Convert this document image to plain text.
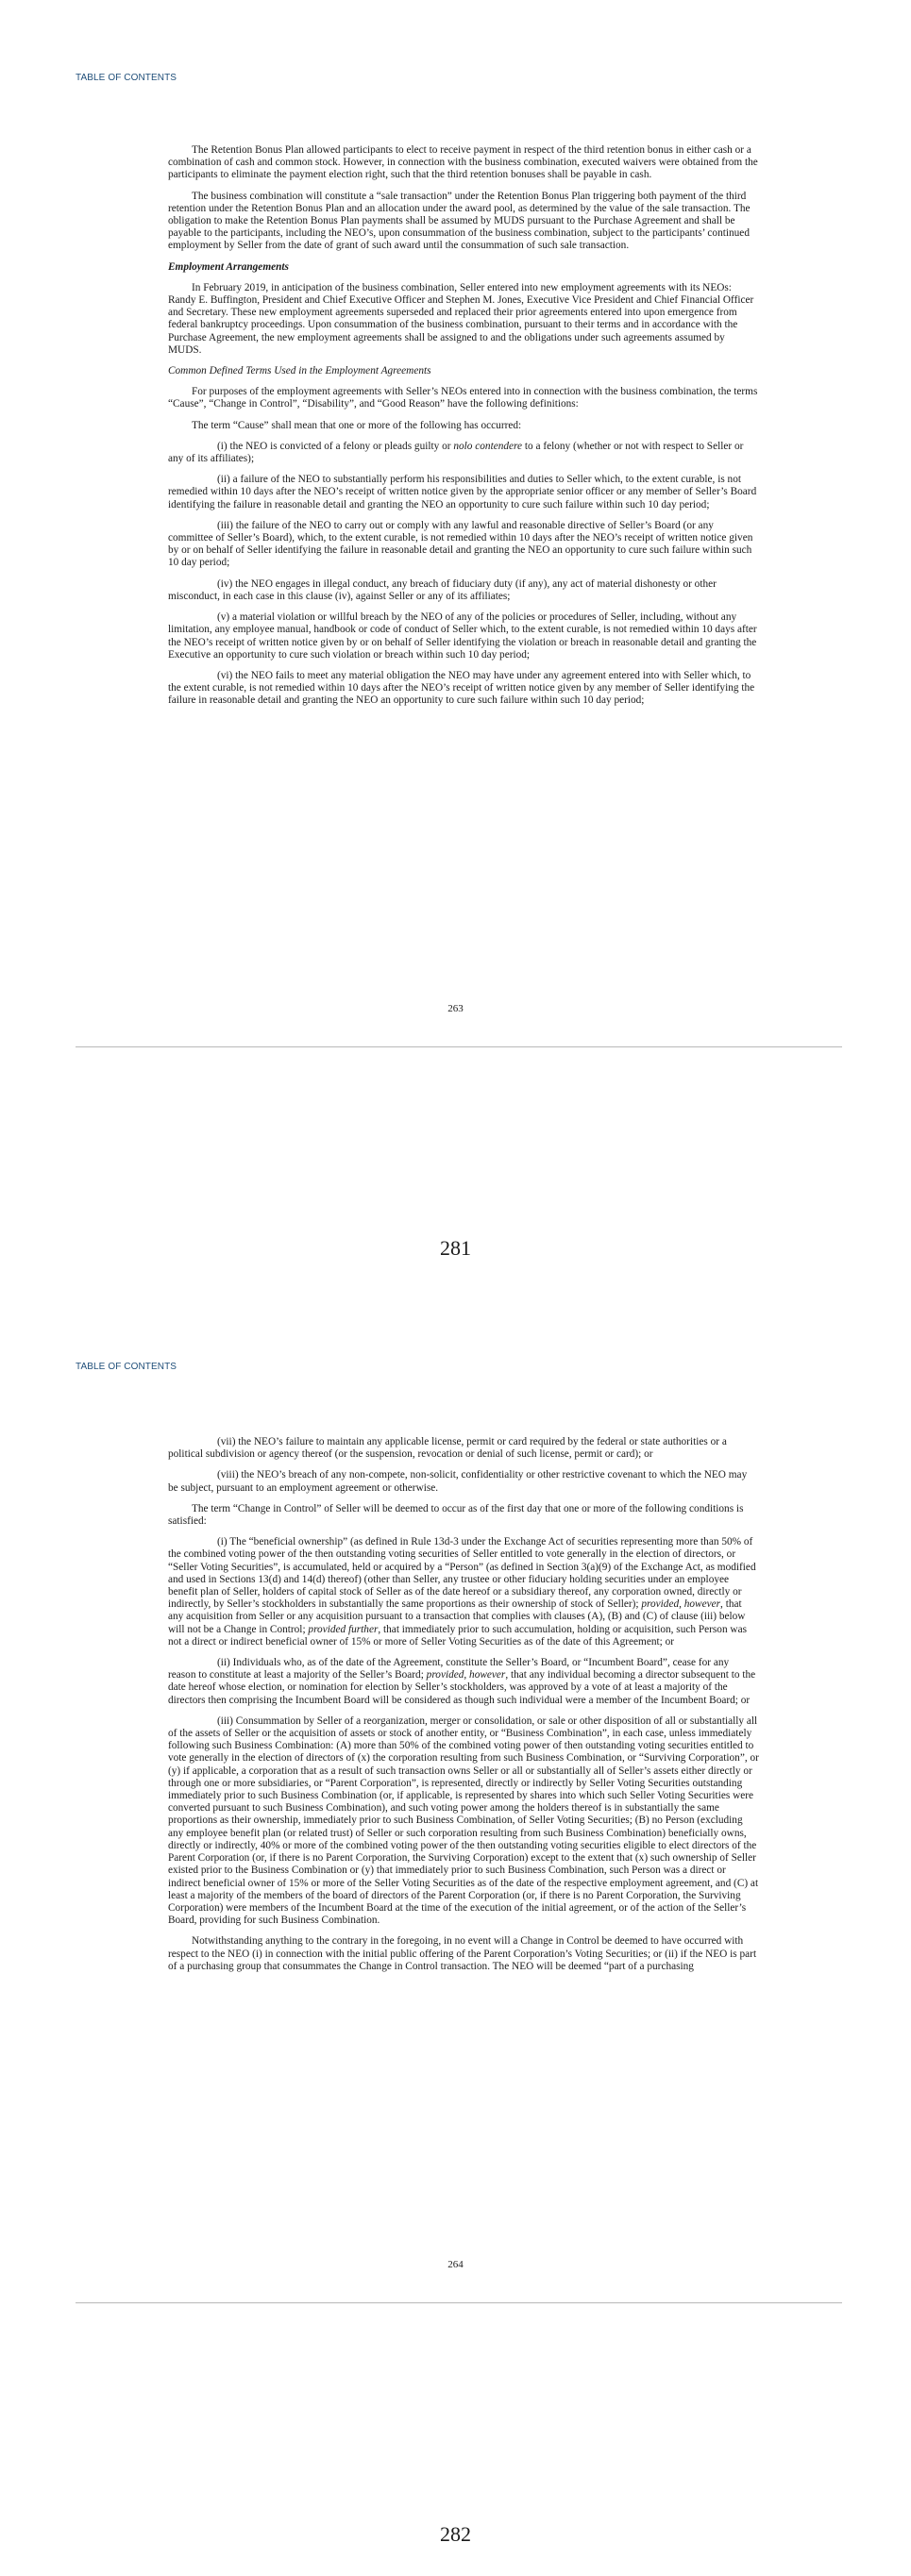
TABLE OF CONTENTS

The Retention Bonus Plan allowed participants to elect to receive payment in respect of the third retention bonus in either cash or a combination of cash and common stock. However, in connection with the business combination, executed waivers were obtained from the participants to eliminate the payment election right, such that the third retention bonuses shall be payable in cash.

The business combination will constitute a “sale transaction” under the Retention Bonus Plan triggering both payment of the third retention under the Retention Bonus Plan and an allocation under the award pool, as determined by the value of the sale transaction. The obligation to make the Retention Bonus Plan payments shall be assumed by MUDS pursuant to the Purchase Agreement and shall be payable to the participants, including the NEO’s, upon consummation of the business combination, subject to the participants’ continued employment by Seller from the date of grant of such award until the consummation of such sale transaction.

Employment Arrangements

In February 2019, in anticipation of the business combination, Seller entered into new employment agreements with its NEOs: Randy E. Buffington, President and Chief Executive Officer and Stephen M. Jones, Executive Vice President and Chief Financial Officer and Secretary. These new employment agreements superseded and replaced their prior agreements entered into upon emergence from federal bankruptcy proceedings. Upon consummation of the business combination, pursuant to their terms and in accordance with the Purchase Agreement, the new employment agreements shall be assigned to and the obligations under such agreements assumed by MUDS.

Common Defined Terms Used in the Employment Agreements

For purposes of the employment agreements with Seller’s NEOs entered into in connection with the business combination, the terms “Cause”, “Change in Control”, “Disability”, and “Good Reason” have the following definitions:

The term “Cause” shall mean that one or more of the following has occurred:

(i) the NEO is convicted of a felony or pleads guilty or nolo contendere to a felony (whether or not with respect to Seller or any of its affiliates);

(ii) a failure of the NEO to substantially perform his responsibilities and duties to Seller which, to the extent curable, is not remedied within 10 days after the NEO’s receipt of written notice given by the appropriate senior officer or any member of Seller’s Board identifying the failure in reasonable detail and granting the NEO an opportunity to cure such failure within such 10 day period;

(iii) the failure of the NEO to carry out or comply with any lawful and reasonable directive of Seller’s Board (or any committee of Seller’s Board), which, to the extent curable, is not remedied within 10 days after the NEO’s receipt of written notice given by or on behalf of Seller identifying the failure in reasonable detail and granting the NEO an opportunity to cure such failure within such 10 day period;

(iv) the NEO engages in illegal conduct, any breach of fiduciary duty (if any), any act of material dishonesty or other misconduct, in each case in this clause (iv), against Seller or any of its affiliates;

(v) a material violation or willful breach by the NEO of any of the policies or procedures of Seller, including, without any limitation, any employee manual, handbook or code of conduct of Seller which, to the extent curable, is not remedied within 10 days after the NEO’s receipt of written notice given by or on behalf of Seller identifying the violation or breach in reasonable detail and granting the Executive an opportunity to cure such violation or breach within such 10 day period;

(vi) the NEO fails to meet any material obligation the NEO may have under any agreement entered into with Seller which, to the extent curable, is not remedied within 10 days after the NEO’s receipt of written notice given by any member of Seller identifying the failure in reasonable detail and granting the NEO an opportunity to cure such failure within such 10 day period;

263
281
TABLE OF CONTENTS

(vii) the NEO’s failure to maintain any applicable license, permit or card required by the federal or state authorities or a political subdivision or agency thereof (or the suspension, revocation or denial of such license, permit or card); or

(viii) the NEO’s breach of any non-compete, non-solicit, confidentiality or other restrictive covenant to which the NEO may be subject, pursuant to an employment agreement or otherwise.

The term “Change in Control” of Seller will be deemed to occur as of the first day that one or more of the following conditions is satisfied:

(i) The “beneficial ownership” (as defined in Rule 13d-3 under the Exchange Act of securities representing more than 50% of the combined voting power of the then outstanding voting securities of Seller entitled to vote generally in the election of directors, or “Seller Voting Securities”, is accumulated, held or acquired by a “Person” (as defined in Section 3(a)(9) of the Exchange Act, as modified and used in Sections 13(d) and 14(d) thereof) (other than Seller, any trustee or other fiduciary holding securities under an employee benefit plan of Seller, holders of capital stock of Seller as of the date hereof or a subsidiary thereof, any corporation owned, directly or indirectly, by Seller’s stockholders in substantially the same proportions as their ownership of stock of Seller); provided, however, that any acquisition from Seller or any acquisition pursuant to a transaction that complies with clauses (A), (B) and (C) of clause (iii) below will not be a Change in Control; provided further, that immediately prior to such accumulation, holding or acquisition, such Person was not a direct or indirect beneficial owner of 15% or more of Seller Voting Securities as of the date of this Agreement; or

(ii) Individuals who, as of the date of the Agreement, constitute the Seller’s Board, or “Incumbent Board”, cease for any reason to constitute at least a majority of the Seller’s Board; provided, however, that any individual becoming a director subsequent to the date hereof whose election, or nomination for election by Seller’s stockholders, was approved by a vote of at least a majority of the directors then comprising the Incumbent Board will be considered as though such individual were a member of the Incumbent Board; or

(iii) Consummation by Seller of a reorganization, merger or consolidation, or sale or other disposition of all or substantially all of the assets of Seller or the acquisition of assets or stock of another entity, or “Business Combination”, in each case, unless immediately following such Business Combination: (A) more than 50% of the combined voting power of then outstanding voting securities entitled to vote generally in the election of directors of (x) the corporation resulting from such Business Combination, or “Surviving Corporation”, or (y) if applicable, a corporation that as a result of such transaction owns Seller or all or substantially all of Seller’s assets either directly or through one or more subsidiaries, or “Parent Corporation”, is represented, directly or indirectly by Seller Voting Securities outstanding immediately prior to such Business Combination (or, if applicable, is represented by shares into which such Seller Voting Securities were converted pursuant to such Business Combination), and such voting power among the holders thereof is in substantially the same proportions as their ownership, immediately prior to such Business Combination, of Seller Voting Securities; (B) no Person (excluding any employee benefit plan (or related trust) of Seller or such corporation resulting from such Business Combination) beneficially owns, directly or indirectly, 40% or more of the combined voting power of the then outstanding voting securities eligible to elect directors of the Parent Corporation (or, if there is no Parent Corporation, the Surviving Corporation) except to the extent that (x) such ownership of Seller existed prior to the Business Combination or (y) that immediately prior to such Business Combination, such Person was a direct or indirect beneficial owner of 15% or more of the Seller Voting Securities as of the date of the respective employment agreement, and (C) at least a majority of the members of the board of directors of the Parent Corporation (or, if there is no Parent Corporation, the Surviving Corporation) were members of the Incumbent Board at the time of the execution of the initial agreement, or of the action of the Seller’s Board, providing for such Business Combination.

Notwithstanding anything to the contrary in the foregoing, in no event will a Change in Control be deemed to have occurred with respect to the NEO (i) in connection with the initial public offering of the Parent Corporation’s Voting Securities; or (ii) if the NEO is part of a purchasing group that consummates the Change in Control transaction. The NEO will be deemed “part of a purchasing

264
282
